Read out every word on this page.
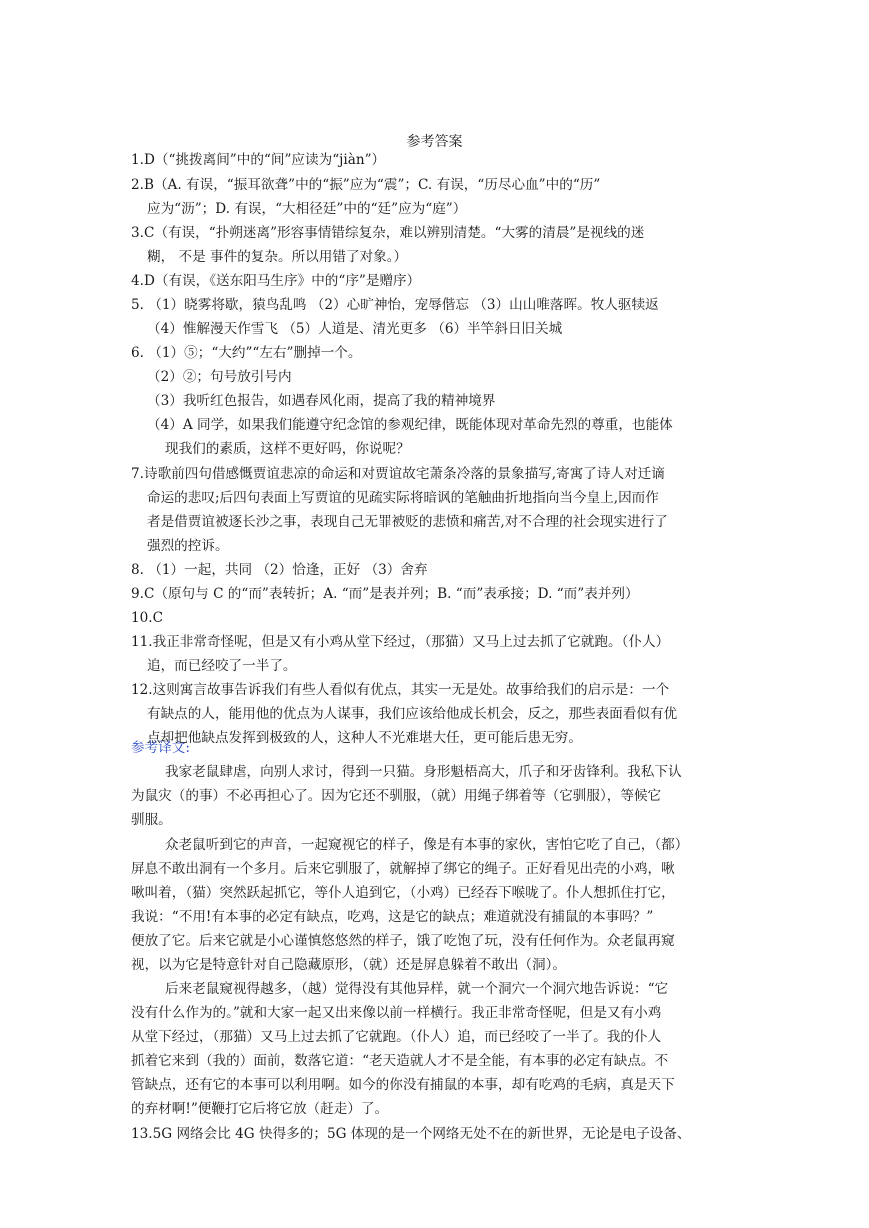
参考答案
1.D（“挑拨离间”中的“间”应读为“jiàn”）
2.B（A. 有误，“振耳欲聋”中的“振”应为“震”；C. 有误，“历尽心血”中的“历”
应为“沥”；D. 有误，“大相径廷”中的“廷”应为“庭”）
3.C（有误，“扑朔迷离”形容事情错综复杂，难以辨别清楚。“大雾的清晨”是视线的迷
糊， 不是 事件的复杂。所以用错了对象。）
4.D（有误，《送东阳马生序》中的“序”是赠序）
5. （1）晓雾将歇，猿鸟乱鸣 （2）心旷神怡，宠辱偕忘 （3）山山唯落晖。牧人驱犊返
（4）惟解漫天作雪飞 （5）人道是、清光更多 （6）半竿斜日旧关城
6. （1）⑤；“大约”“左右”删掉一个。
（2）②；句号放引号内
（3）我听红色报告，如遇春风化雨，提高了我的精神境界
（4）A 同学，如果我们能遵守纪念馆的参观纪律，既能体现对革命先烈的尊重，也能体
现我们的素质，这样不更好吗，你说呢？
7.诗歌前四句借感慨贾谊悲凉的命运和对贾谊故宅萧条冷落的景象描写,寄寓了诗人对迁谪
命运的悲叹;后四句表面上写贾谊的见疏实际将暗讽的笔触曲折地指向当今皇上,因而作
者是借贾谊被逐长沙之事，表现自己无罪被贬的悲愤和痛苦,对不合理的社会现实进行了
强烈的控诉。
8. （1）一起，共同 （2）恰逢，正好 （3）舍弃
9.C（原句与 C 的“而”表转折；A. “而”是表并列；B. “而”表承接；D. “而”表并列）
10.C
11.我正非常奇怪呢，但是又有小鸡从堂下经过，（那猫）又马上过去抓了它就跑。（仆人）
追，而已经咬了一半了。
12.这则寓言故事告诉我们有些人看似有优点，其实一无是处。故事给我们的启示是：一个
有缺点的人，能用他的优点为人谋事，我们应该给他成长机会，反之，那些表面看似有优
点却把他缺点发挥到极致的人，这种人不光难堪大任，更可能后患无穷。
我家老鼠肆虐，向别人求讨，得到一只猫。身形魁梧高大，爪子和牙齿锋利。我私下认
为鼠灾（的事）不必再担心了。因为它还不驯服，（就）用绳子绑着等（它驯服），等候它
驯服。
众老鼠听到它的声音，一起窥视它的样子，像是有本事的家伙，害怕它吃了自己，（都）
屏息不敢出洞有一个多月。后来它驯服了，就解掉了绑它的绳子。正好看见出壳的小鸡，啾
啾叫着，（猫）突然跃起抓它，等仆人追到它，（小鸡）已经吞下喉咙了。仆人想抓住打它，
我说：“不用!有本事的必定有缺点，吃鸡，这是它的缺点；难道就没有捕鼠的本事吗？”
便放了它。后来它就是小心谨慎悠悠然的样子，饿了吃饱了玩，没有任何作为。众老鼠再窥
视，以为它是特意针对自己隐藏原形，（就）还是屏息躲着不敢出（洞）。
后来老鼠窥视得越多，（越）觉得没有其他异样，就一个洞穴一个洞穴地告诉说：“它
没有什么作为的。”就和大家一起又出来像以前一样横行。我正非常奇怪呢，但是又有小鸡
从堂下经过，（那猫）又马上过去抓了它就跑。（仆人）追，而已经咬了一半了。我的仆人
抓着它来到（我的）面前，数落它道：“老天造就人才不是全能，有本事的必定有缺点。不
管缺点，还有它的本事可以利用啊。如今的你没有捕鼠的本事，却有吃鸡的毛病，真是天下
的弃材啊!”便鞭打它后将它放（赶走）了。
13.5G 网络会比 4G 快得多的；5G 体现的是一个网络无处不在的新世界，无论是电子设备、
参考译文:
